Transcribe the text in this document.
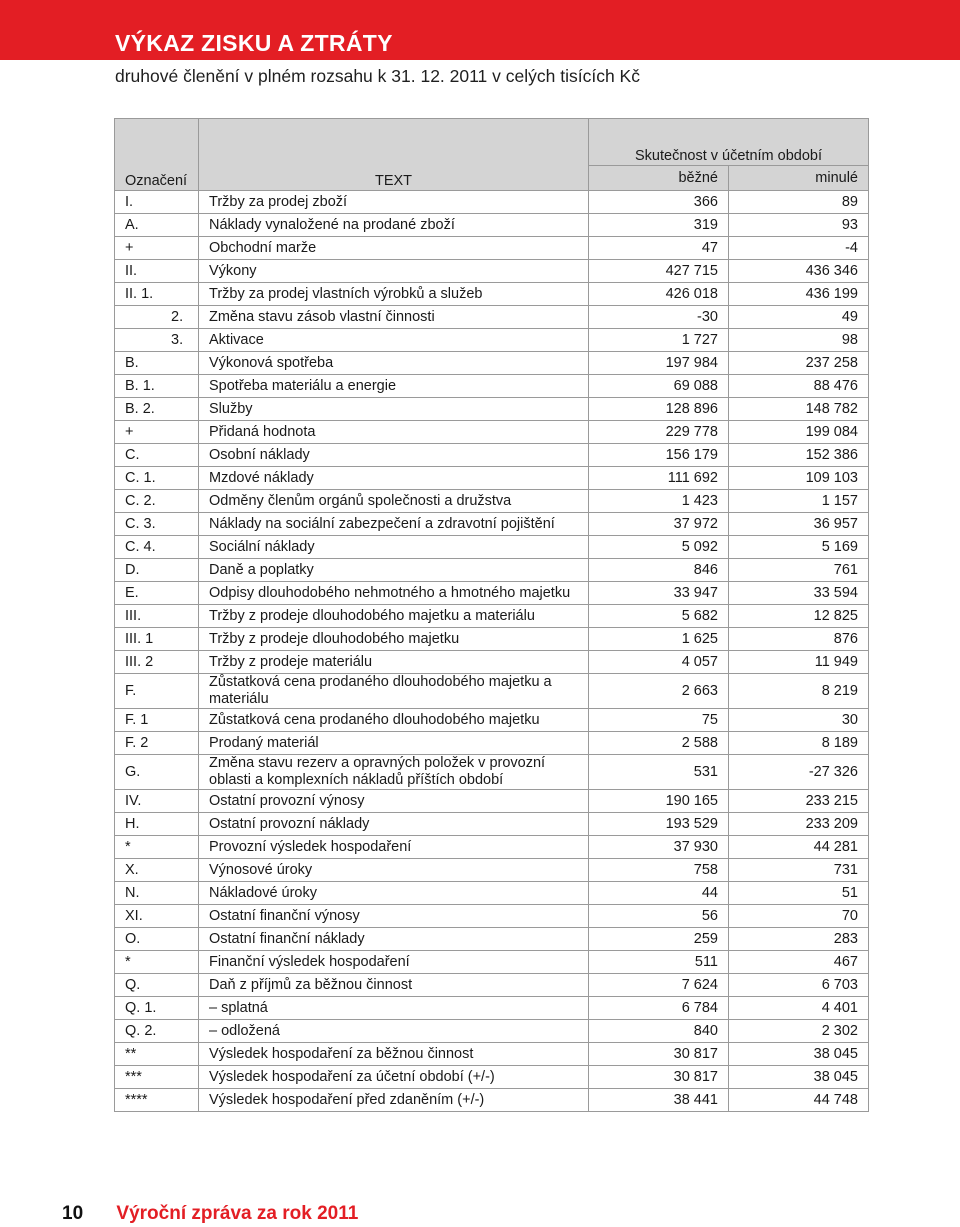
VÝKAZ ZISKU A ZTRÁTY
druhové členění v plném rozsahu k 31. 12. 2011 v celých tisících Kč
Označení	TEXT	Skutečnost v účetním období	
		běžné	minulé
I.	Tržby za prodej zboží	366	89
A.	Náklady vynaložené na prodané zboží	319	93
+	Obchodní marže	47	-4
II.	Výkony	427 715	436 346
II. 1.	Tržby za prodej vlastních výrobků a služeb	426 018	436 199
2.	Změna stavu zásob vlastní činnosti	-30	49
3.	Aktivace	1 727	98
B.	Výkonová spotřeba	197 984	237 258
B. 1.	Spotřeba materiálu a energie	69 088	88 476
B. 2.	Služby	128 896	148 782
+	Přidaná hodnota	229 778	199 084
C.	Osobní náklady	156 179	152 386
C. 1.	Mzdové náklady	111 692	109 103
C. 2.	Odměny členům orgánů společnosti a družstva	1 423	1 157
C. 3.	Náklady na sociální zabezpečení a zdravotní pojištění	37 972	36 957
C. 4.	Sociální náklady	5 092	5 169
D.	Daně a poplatky	846	761
E.	Odpisy dlouhodobého nehmotného a hmotného majetku	33 947	33 594
III.	Tržby z prodeje dlouhodobého majetku a materiálu	5 682	12 825
III. 1	Tržby z prodeje dlouhodobého majetku	1 625	876
III. 2	Tržby z prodeje materiálu	4 057	11 949
F.	Zůstatková cena prodaného dlouhodobého majetku a materiálu	2 663	8 219
F. 1	Zůstatková cena prodaného dlouhodobého majetku	75	30
F. 2	Prodaný materiál	2 588	8 189
G.	Změna stavu rezerv a opravných položek v provozní oblasti a komplexních nákladů příštích období	531	-27 326
IV.	Ostatní provozní výnosy	190 165	233 215
H.	Ostatní provozní náklady	193 529	233 209
*	Provozní výsledek hospodaření	37 930	44 281
X.	Výnosové úroky	758	731
N.	Nákladové úroky	44	51
XI.	Ostatní finanční výnosy	56	70
O.	Ostatní finanční náklady	259	283
*	Finanční výsledek hospodaření	511	467
Q.	Daň z příjmů za běžnou činnost	7 624	6 703
Q. 1.	– splatná	6 784	4 401
Q. 2.	– odložená	840	2 302
**	Výsledek hospodaření za běžnou činnost	30 817	38 045
***	Výsledek hospodaření za účetní období (+/-)	30 817	38 045
****	Výsledek hospodaření před zdaněním (+/-)	38 441	44 748
10 Výroční zpráva za rok 2011
